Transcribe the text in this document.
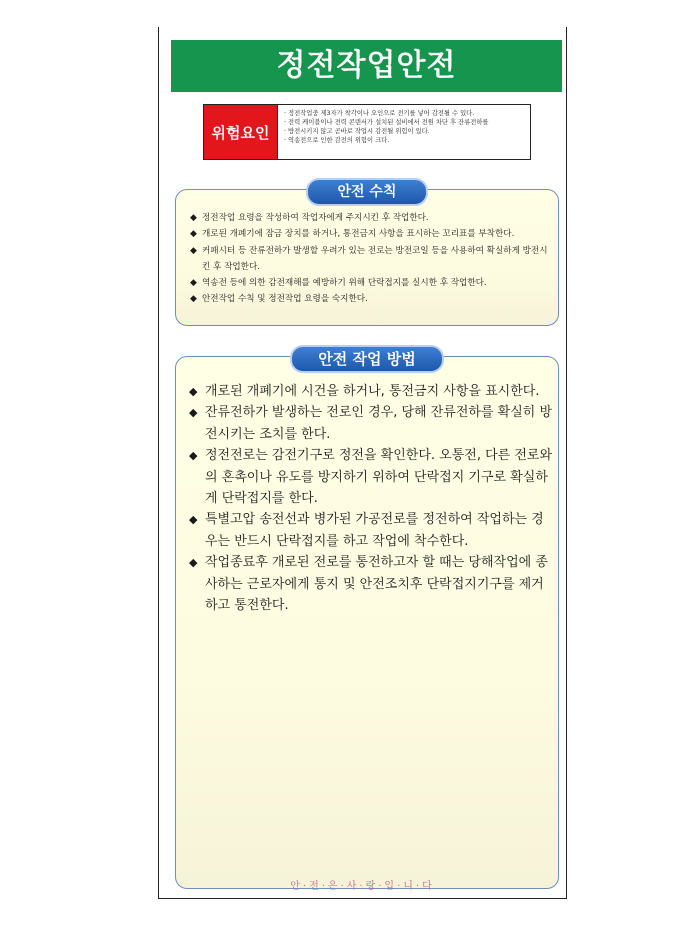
정전작업안전
위험요인
· 정전작업중 제3자가 착각이나 오인으로 전기를 넣어 감전될 수 있다.
· 전력 케이블이나 전력 콘덴서가 설치된 설비에서 전원 차단 후 잔류전하를
· 방전시키지 않고 곧바로 작업시 감전될 위험이 있다.
· 역송전으로 인한 감전의 위험이 크다.
안전 수칙
◆ 정전작업 요령을 작성하여 작업자에게 주지시킨 후 작업한다.
◆ 개로된 개폐기에 잠금 장치를 하거나, 통전금지 사항을 표시하는 꼬리표를 부착한다.
◆ 커패시터 등 잔류전하가 발생할 우려가 있는 전로는 방전코일 등을 사용하여 확실하게 방전시킨 후 작업한다.
◆ 역송전 등에 의한 감전재해를 예방하기 위해 단락접지를 실시한 후 작업한다.
◆ 안전작업 수칙 및 정전작업 요령을 숙지한다.
안전 작업 방법
◆ 개로된 개폐기에 시건을 하거나, 통전금지 사항을 표시한다.
◆ 잔류전하가 발생하는 전로인 경우, 당해 잔류전하를 확실히 방전시키는 조치를 한다.
◆ 정전전로는 감전기구로 정전을 확인한다. 오통전, 다른 전로와의 혼촉이나 유도를 방지하기 위하여 단락접지 기구로 확실하게 단락접지를 한다.
◆ 특별고압 송전선과 병가된 가공전로를 정전하여 작업하는 경우는 반드시 단락접지를 하고 작업에 착수한다.
◆ 작업종료후 개로된 전로를 통전하고자 할 때는 당해작업에 종사하는 근로자에게 통지 및 안전조치후 단락접지기구를 제거하고 통전한다.
안·전·은·사·랑·입·니·다
